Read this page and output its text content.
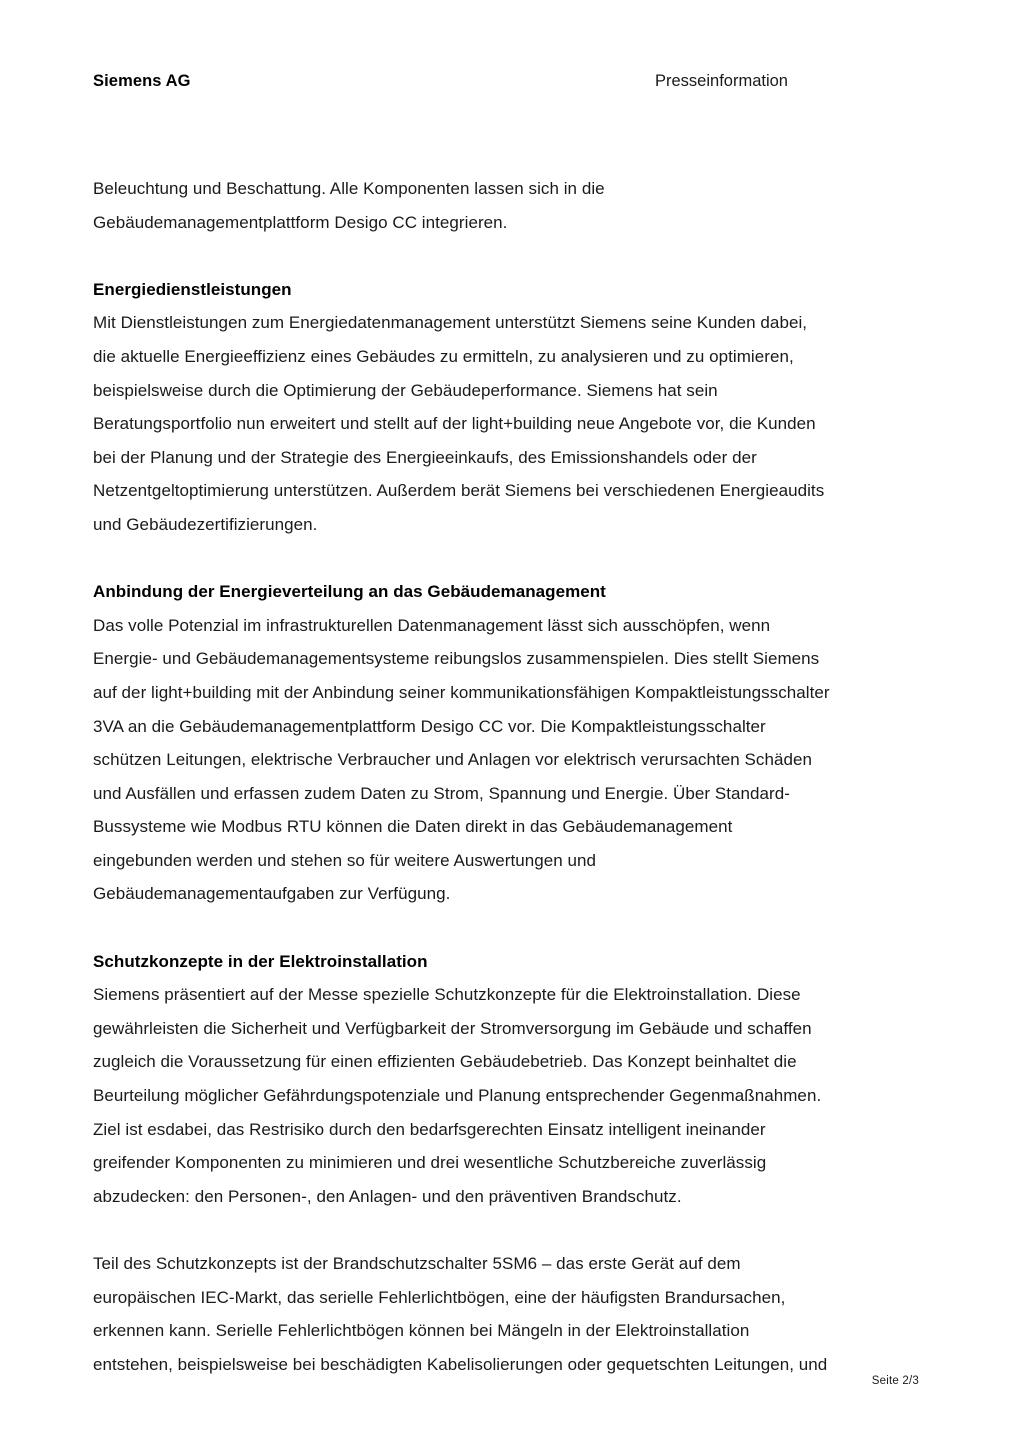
Siemens AG	Presseinformation
Beleuchtung und Beschattung. Alle Komponenten lassen sich in die
Gebäudemanagementplattform Desigo CC integrieren.
Energiedienstleistungen
Mit Dienstleistungen zum Energiedatenmanagement unterstützt Siemens seine Kunden dabei,
die aktuelle Energieeffizienz eines Gebäudes zu ermitteln, zu analysieren und zu optimieren,
beispielsweise durch die Optimierung der Gebäudeperformance. Siemens hat sein
Beratungsportfolio nun erweitert und stellt auf der light+building neue Angebote vor, die Kunden
bei der Planung und der Strategie des Energieeinkaufs, des Emissionshandels oder der
Netzentgeltoptimierung unterstützen. Außerdem berät Siemens bei verschiedenen Energieaudits
und Gebäudezertifizierungen.
Anbindung der Energieverteilung an das Gebäudemanagement
Das volle Potenzial im infrastrukturellen Datenmanagement lässt sich ausschöpfen, wenn
Energie- und Gebäudemanagementsysteme reibungslos zusammenspielen. Dies stellt Siemens
auf der light+building mit der Anbindung seiner kommunikationsfähigen Kompaktleistungsschalter
3VA an die Gebäudemanagementplattform Desigo CC vor. Die Kompaktleistungsschalter
schützen Leitungen, elektrische Verbraucher und Anlagen vor elektrisch verursachten Schäden
und Ausfällen und erfassen zudem Daten zu Strom, Spannung und Energie. Über Standard-
Bussysteme wie Modbus RTU können die Daten direkt in das Gebäudemanagement
eingebunden werden und stehen so für weitere Auswertungen und
Gebäudemanagementaufgaben zur Verfügung.
Schutzkonzepte in der Elektroinstallation
Siemens präsentiert auf der Messe spezielle Schutzkonzepte für die Elektroinstallation. Diese
gewährleisten die Sicherheit und Verfügbarkeit der Stromversorgung im Gebäude und schaffen
zugleich die Voraussetzung für einen effizienten Gebäudebetrieb. Das Konzept beinhaltet die
Beurteilung möglicher Gefährdungspotenziale und Planung entsprechender Gegenmaßnahmen.
Ziel ist esdabei, das Restrisiko durch den bedarfsgerechten Einsatz intelligent ineinander
greifender Komponenten zu minimieren und drei wesentliche Schutzbereiche zuverlässig
abzudecken: den Personen-, den Anlagen- und den präventiven Brandschutz.
Teil des Schutzkonzepts ist der Brandschutzschalter 5SM6 – das erste Gerät auf dem
europäischen IEC-Markt, das serielle Fehlerlichtbögen, eine der häufigsten Brandursachen,
erkennen kann. Serielle Fehlerlichtbögen können bei Mängeln in der Elektroinstallation
entstehen, beispielsweise bei beschädigten Kabelisolierungen oder gequetschten Leitungen, und
Seite 2/3
